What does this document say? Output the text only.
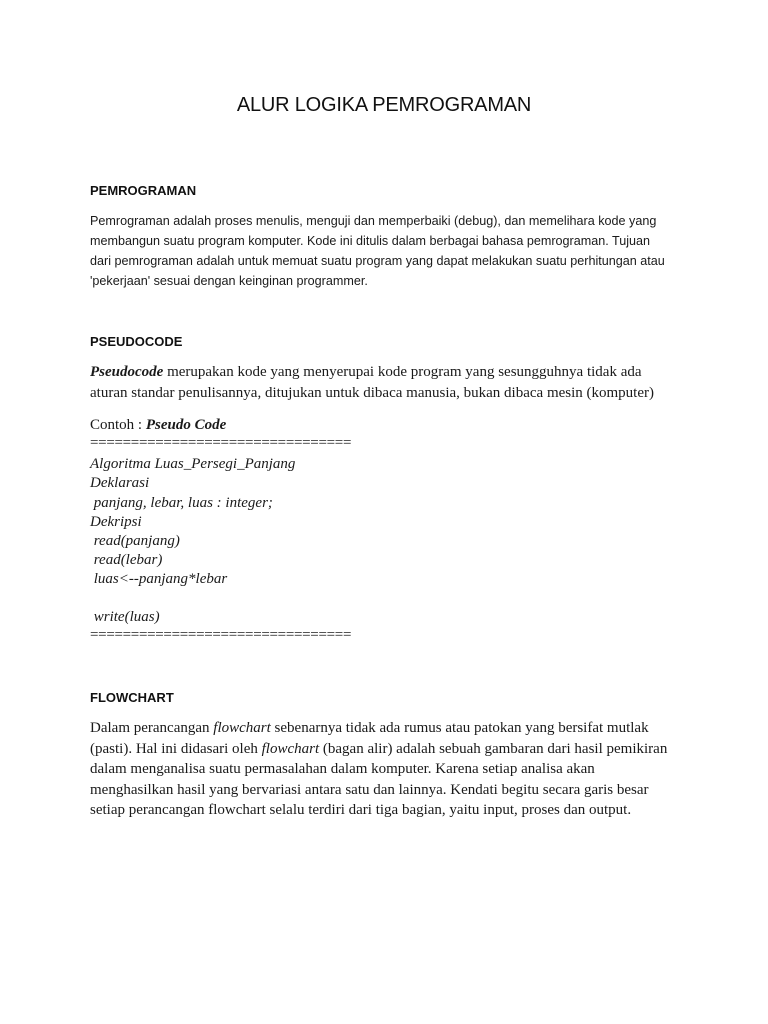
ALUR LOGIKA PEMROGRAMAN
PEMROGRAMAN
Pemrograman adalah proses menulis, menguji dan memperbaiki (debug), dan memelihara kode yang
membangun suatu program komputer. Kode ini ditulis dalam berbagai bahasa pemrograman. Tujuan
dari pemrograman adalah untuk memuat suatu program yang dapat melakukan suatu perhitungan atau
'pekerjaan' sesuai dengan keinginan programmer.
PSEUDOCODE
Pseudocode merupakan kode yang menyerupai kode program yang sesungguhnya tidak ada
aturan standar penulisannya, ditujukan untuk dibaca manusia, bukan dibaca mesin (komputer)
Contoh : Pseudo Code
================================
Algoritma Luas_Persegi_Panjang
Deklarasi
panjang, lebar, luas : integer;
Dekripsi
read(panjang)
read(lebar)
luas<--panjang*lebar
write(luas)
================================
FLOWCHART
Dalam perancangan flowchart sebenarnya tidak ada rumus atau patokan yang bersifat mutlak
(pasti). Hal ini didasari oleh flowchart (bagan alir) adalah sebuah gambaran dari hasil pemikiran
dalam menganalisa suatu permasalahan dalam komputer. Karena setiap analisa akan
menghasilkan hasil yang bervariasi antara satu dan lainnya. Kendati begitu secara garis besar
setiap perancangan flowchart selalu terdiri dari tiga bagian, yaitu input, proses dan output.
